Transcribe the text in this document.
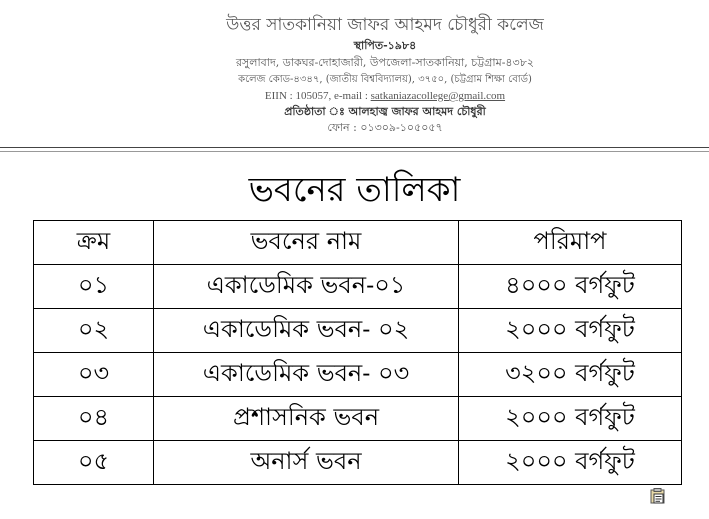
উত্তর সাতকানিয়া জাফর আহমদ চৌধুরী কলেজ
স্থাপিত-১৯৮৪
রসুলাবাদ, ডাকঘর-দোহাজারী, উপজেলা-সাতকানিয়া, চট্টগ্রাম-৪৩৮২
কলেজ কোড-৪৩৪৭, (জাতীয় বিশ্ববিদ্যালয়), ৩৭৫০, (চট্টগ্রাম শিক্ষা বোর্ড)
EIIN : 105057, e-mail : satkaniazacollege@gmail.com
প্রতিষ্ঠাতা ঃ আলহাজ্ব জাফর আহমদ চৌধুরী
ফোন : ০১৩০৯-১০৫০৫৭
ভবনের তালিকা
ক্রম	ভবনের নাম	পরিমাপ
০১	একাডেমিক ভবন-০১	৪০০০ বর্গফুট
০২	একাডেমিক ভবন- ০২	২০০০ বর্গফুট
০৩	একাডেমিক ভবন- ০৩	৩২০০ বর্গফুট
০৪	প্রশাসনিক ভবন	২০০০ বর্গফুট
০৫	অনার্স ভবন	২০০০ বর্গফুট
